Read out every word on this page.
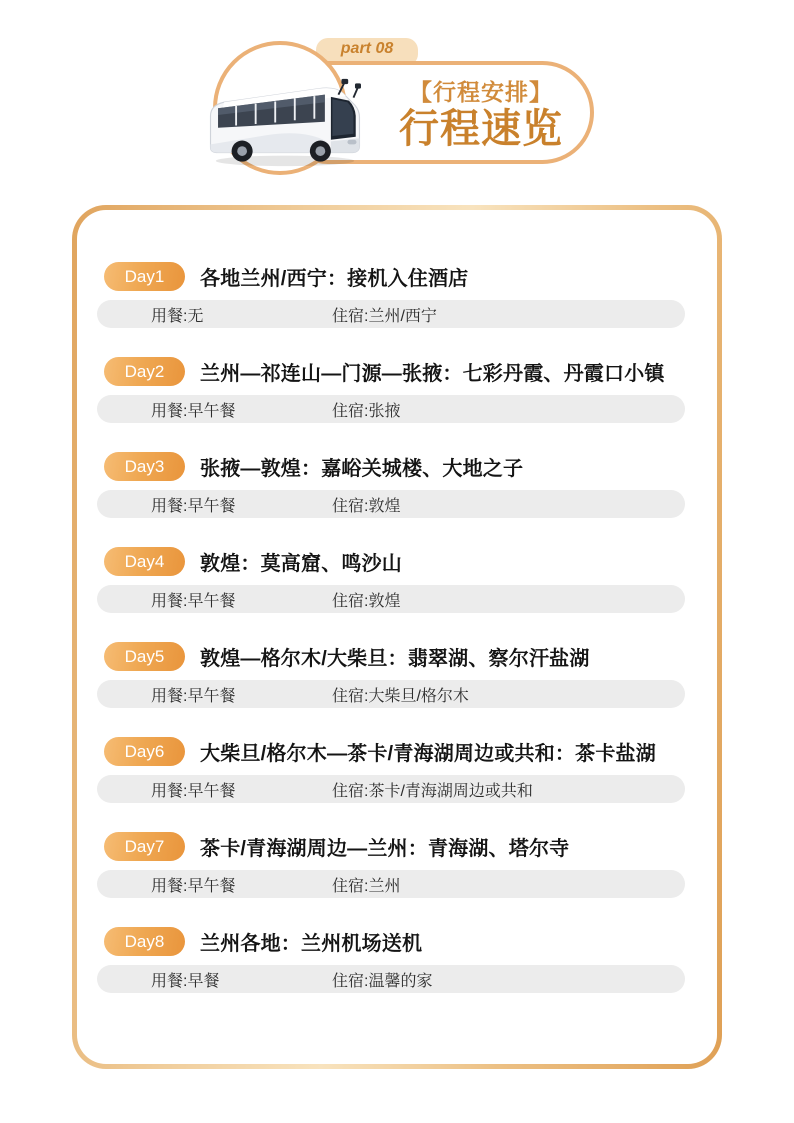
part 08
【行程安排】
行程速览
Day1	各地兰州/西宁：接机入住酒店
用餐:无	住宿:兰州/西宁
Day2	兰州—祁连山—门源—张掖：七彩丹霞、丹霞口小镇
用餐:早午餐	住宿:张掖
Day3	张掖—敦煌：嘉峪关城楼、大地之子
用餐:早午餐	住宿:敦煌
Day4	敦煌：莫高窟、鸣沙山
用餐:早午餐	住宿:敦煌
Day5	敦煌—格尔木/大柴旦：翡翠湖、察尔汗盐湖
用餐:早午餐	住宿:大柴旦/格尔木
Day6	大柴旦/格尔木—茶卡/青海湖周边或共和：茶卡盐湖
用餐:早午餐	住宿:茶卡/青海湖周边或共和
Day7	茶卡/青海湖周边—兰州：青海湖、塔尔寺
用餐:早午餐	住宿:兰州
Day8	兰州各地：兰州机场送机
用餐:早餐	住宿:温馨的家
